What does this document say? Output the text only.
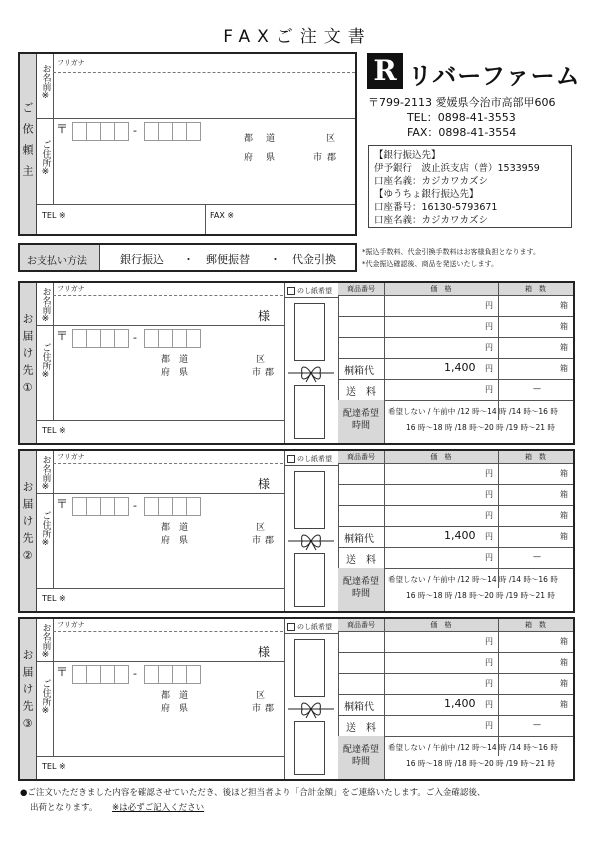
FAXご注文書
ご依頼主
お名前※
フリガナ
ご住所※
〒	-
都 道
府 県
区
市 郡
TEL ※	FAX ※
R リバーファーム
〒799-2113 愛媛県今治市高部甲606
TEL：0898-41-3553
FAX：0898-41-3554
【銀行振込先】
伊予銀行　波止浜支店（普）1533959
口座名義：カジカワカズシ
【ゆうちょ銀行振込先】
口座番号：16130-5793671
口座名義：カジカワカズシ
お支払い方法	銀行振込 ・ 郵便振替 ・ 代金引換
*振込手数料、代金引換手数料はお客様負担となります。
*代金振込確認後、商品を発送いたします。
お届け先①
お名前※ フリガナ
様
ご住所※
〒	-
都 道
府 県
区
市 郡
TEL ※
のし紙希望	商品番号	価　格	箱　数
円	箱
円	箱
円	箱
桐箱代	1,400 円	箱
送　料	円	—
配達希望
時間
希望しない / 午前中 /12 時〜14 時 /14 時〜16 時
16 時〜18 時 /18 時〜20 時 /19 時〜21 時
お届け先②
お名前※ フリガナ
様
ご住所※
〒	-
都 道
府 県
区
市 郡
TEL ※
のし紙希望	商品番号	価　格	箱　数
円	箱
円	箱
円	箱
桐箱代	1,400 円	箱
送　料	円	—
配達希望
時間
希望しない / 午前中 /12 時〜14 時 /14 時〜16 時
16 時〜18 時 /18 時〜20 時 /19 時〜21 時
お届け先③
お名前※ フリガナ
様
ご住所※
〒	-
都 道
府 県
区
市 郡
TEL ※
のし紙希望	商品番号	価　格	箱　数
円	箱
円	箱
円	箱
桐箱代	1,400 円	箱
送　料	円	—
配達希望
時間
希望しない / 午前中 /12 時〜14 時 /14 時〜16 時
16 時〜18 時 /18 時〜20 時 /19 時〜21 時
●ご注文いただきました内容を確認させていただき、後ほど担当者より「合計金額」をご連絡いたします。ご入金確認後、
出荷となります。 ※は必ずご記入ください
